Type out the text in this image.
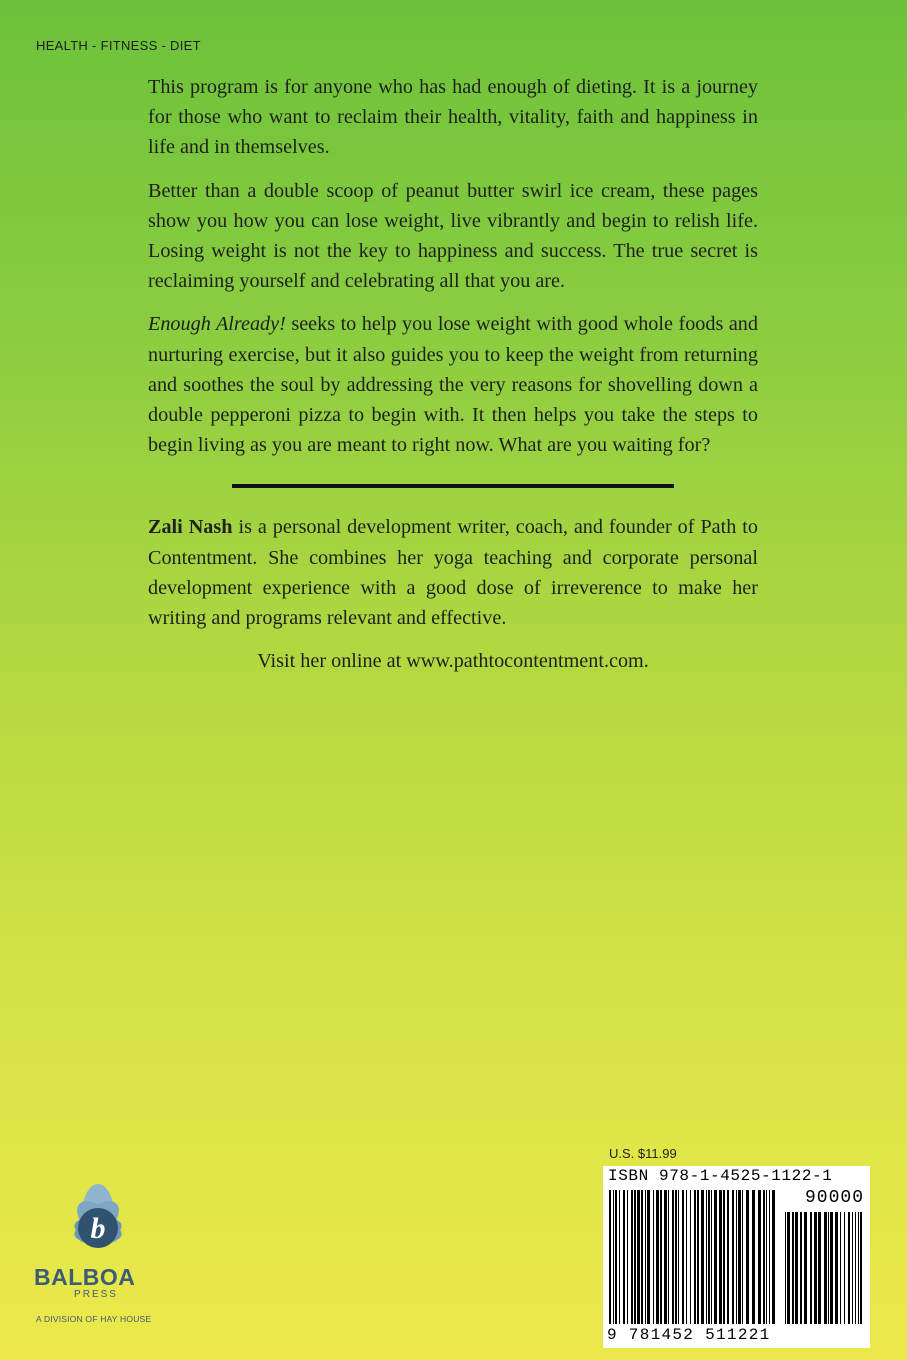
HEALTH - FITNESS - DIET

This program is for anyone who has had enough of dieting. It is a journey for those who want to reclaim their health, vitality, faith and happiness in life and in themselves.

Better than a double scoop of peanut butter swirl ice cream, these pages show you how you can lose weight, live vibrantly and begin to relish life. Losing weight is not the key to happiness and success. The true secret is reclaiming yourself and celebrating all that you are.

Enough Already! seeks to help you lose weight with good whole foods and nurturing exercise, but it also guides you to keep the weight from returning and soothes the soul by addressing the very reasons for shovelling down a double pepperoni pizza to begin with. It then helps you take the steps to begin living as you are meant to right now. What are you waiting for?

Zali Nash is a personal development writer, coach, and founder of Path to Contentment. She combines her yoga teaching and corporate personal development experience with a good dose of irreverence to make her writing and programs relevant and effective.

Visit her online at www.pathtocontentment.com.

U.S. $11.99
ISBN 978-1-4525-1122-1
90000
9 781452 511221
b
BALBOA
PRESS
A DIVISION OF HAY HOUSE
